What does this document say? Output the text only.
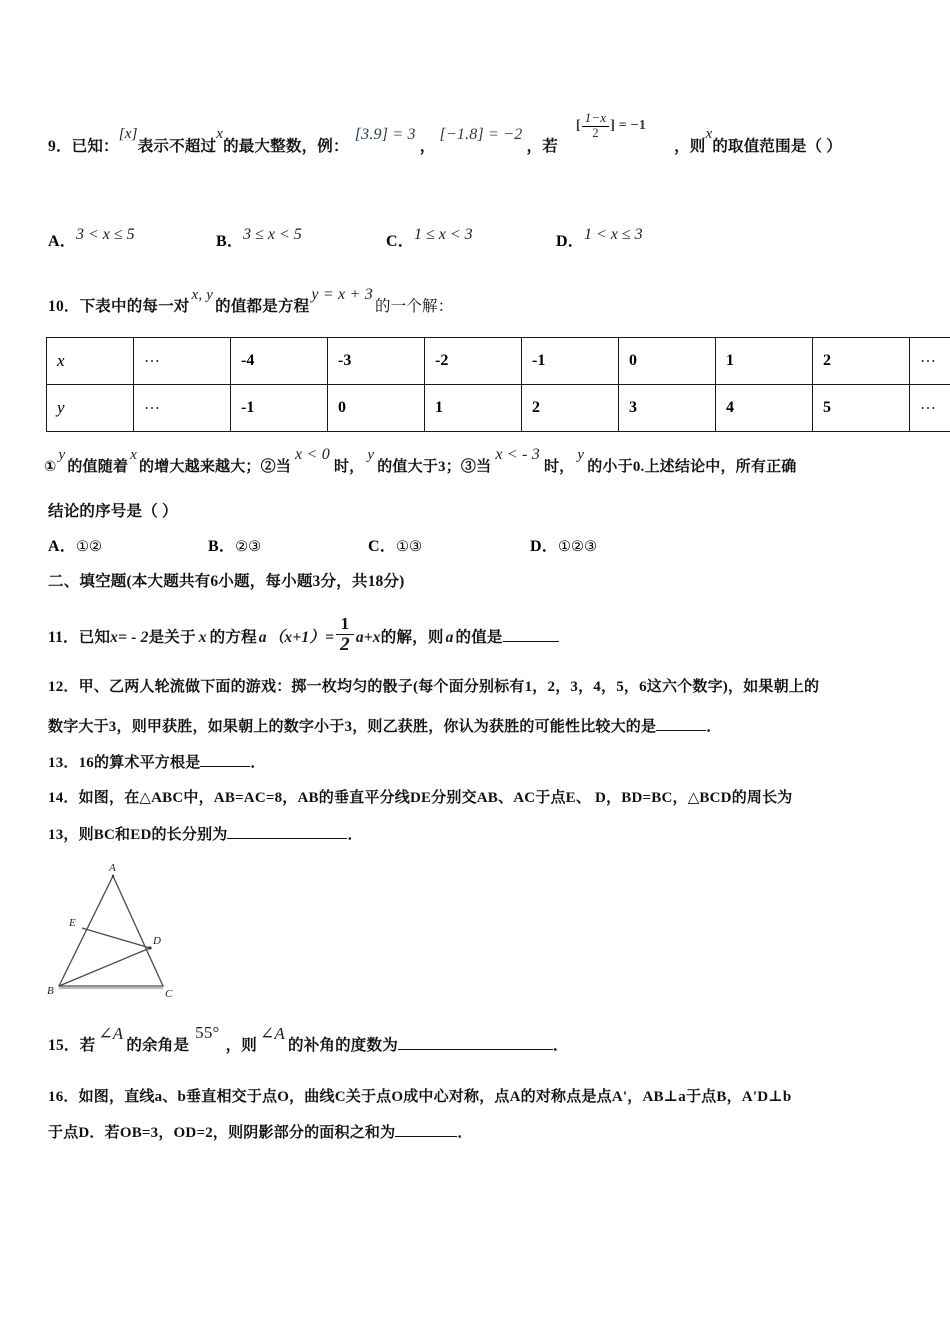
9．已知：[x]表示不超过x的最大整数，例：[3.9] = 3，[−1.8] = −2，若[ $\frac{1-x}{2}$ ] = −1，则x的取值范围是（ ）
A．3 < x ≤ 5	B．3 ≤ x < 5	C．1 ≤ x < 3	D．1 < x ≤ 3
10．下表中的每一对x, y的值都是方程y = x + 3的一个解：
x	⋯	-4	-3	-2	-1	0	1	2	⋯
y	⋯	-1	0	1	2	3	4	5	⋯
①y的值随着x的增大越来越大；②当x < 0时，y的值大于3；③当x < - 3时，y的小于0.上述结论中，所有正确
结论的序号是（ ）
A．①②	B．②③	C．①③	D．①②③
二、填空题(本大题共有6小题，每小题3分，共18分)
11．已知x= - 2是关于 x 的方程 a $(x+1)= \frac{1}{2} a+x$的解，则 a 的值是
12．甲、乙两人轮流做下面的游戏：掷一枚均匀的骰子(每个面分别标有1，2，3，4，5，6这六个数字)，如果朝上的
数字大于3，则甲获胜，如果朝上的数字小于3，则乙获胜，你认为获胜的可能性比较大的是	．
13．16的算术平方根是	．
14．如图，在△ABC中，AB=AC=8，AB的垂直平分线DE分别交AB、AC于点E、 D，BD=BC，△BCD的周长为
13，则BC和ED的长分别为	．
A
E
D
B	C
15．若∠A的余角是55°，则∠A的补角的度数为	．
16．如图，直线a、b垂直相交于点O，曲线C关于点O成中心对称，点A的对称点是点A'，AB⊥a于点B，A'D⊥b
于点D．若OB=3，OD=2，则阴影部分的面积之和为	．
